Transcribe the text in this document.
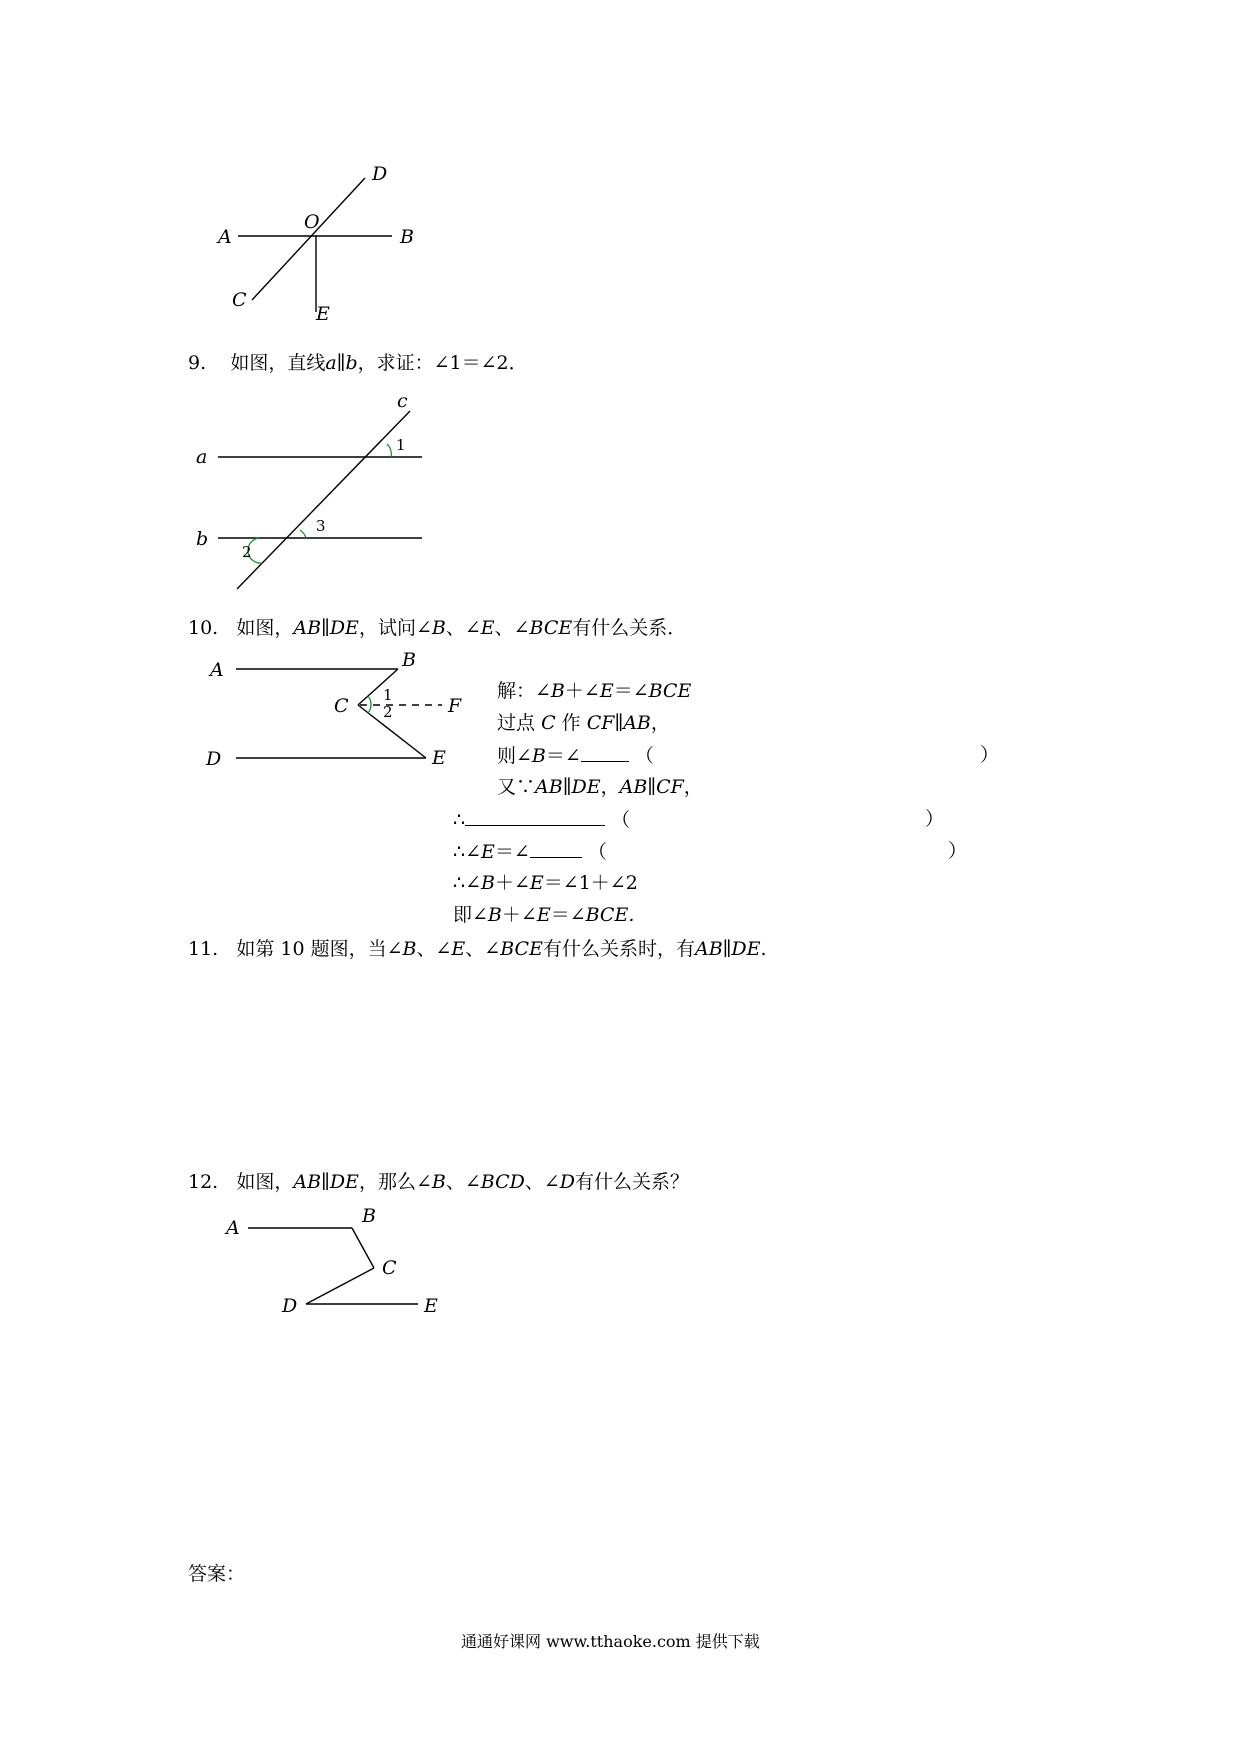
A
O
B
C
D
E
9. 如图，直线a∥b，求证：∠1＝∠2．
a
b
c
1
2
3
10. 如图，AB∥DE，试问∠B、∠E、∠BCE有什么关系．
A	B
C
D	E
F
1
2
解：∠B＋∠E＝∠BCE
过点 C 作 CF∥AB，
则∠B＝∠	（	）
又∵AB∥DE，AB∥CF，
∴	（	）
∴∠E＝∠	（	）
∴∠B＋∠E＝∠1＋∠2
即∠B＋∠E＝∠BCE.
11. 如第 10 题图，当∠B、∠E、∠BCE有什么关系时，有AB∥DE.
12. 如图，AB∥DE，那么∠B、∠BCD、∠D有什么关系？
A
B
C
D	E
答案：
通通好课网 www.tthaoke.com 提供下载
